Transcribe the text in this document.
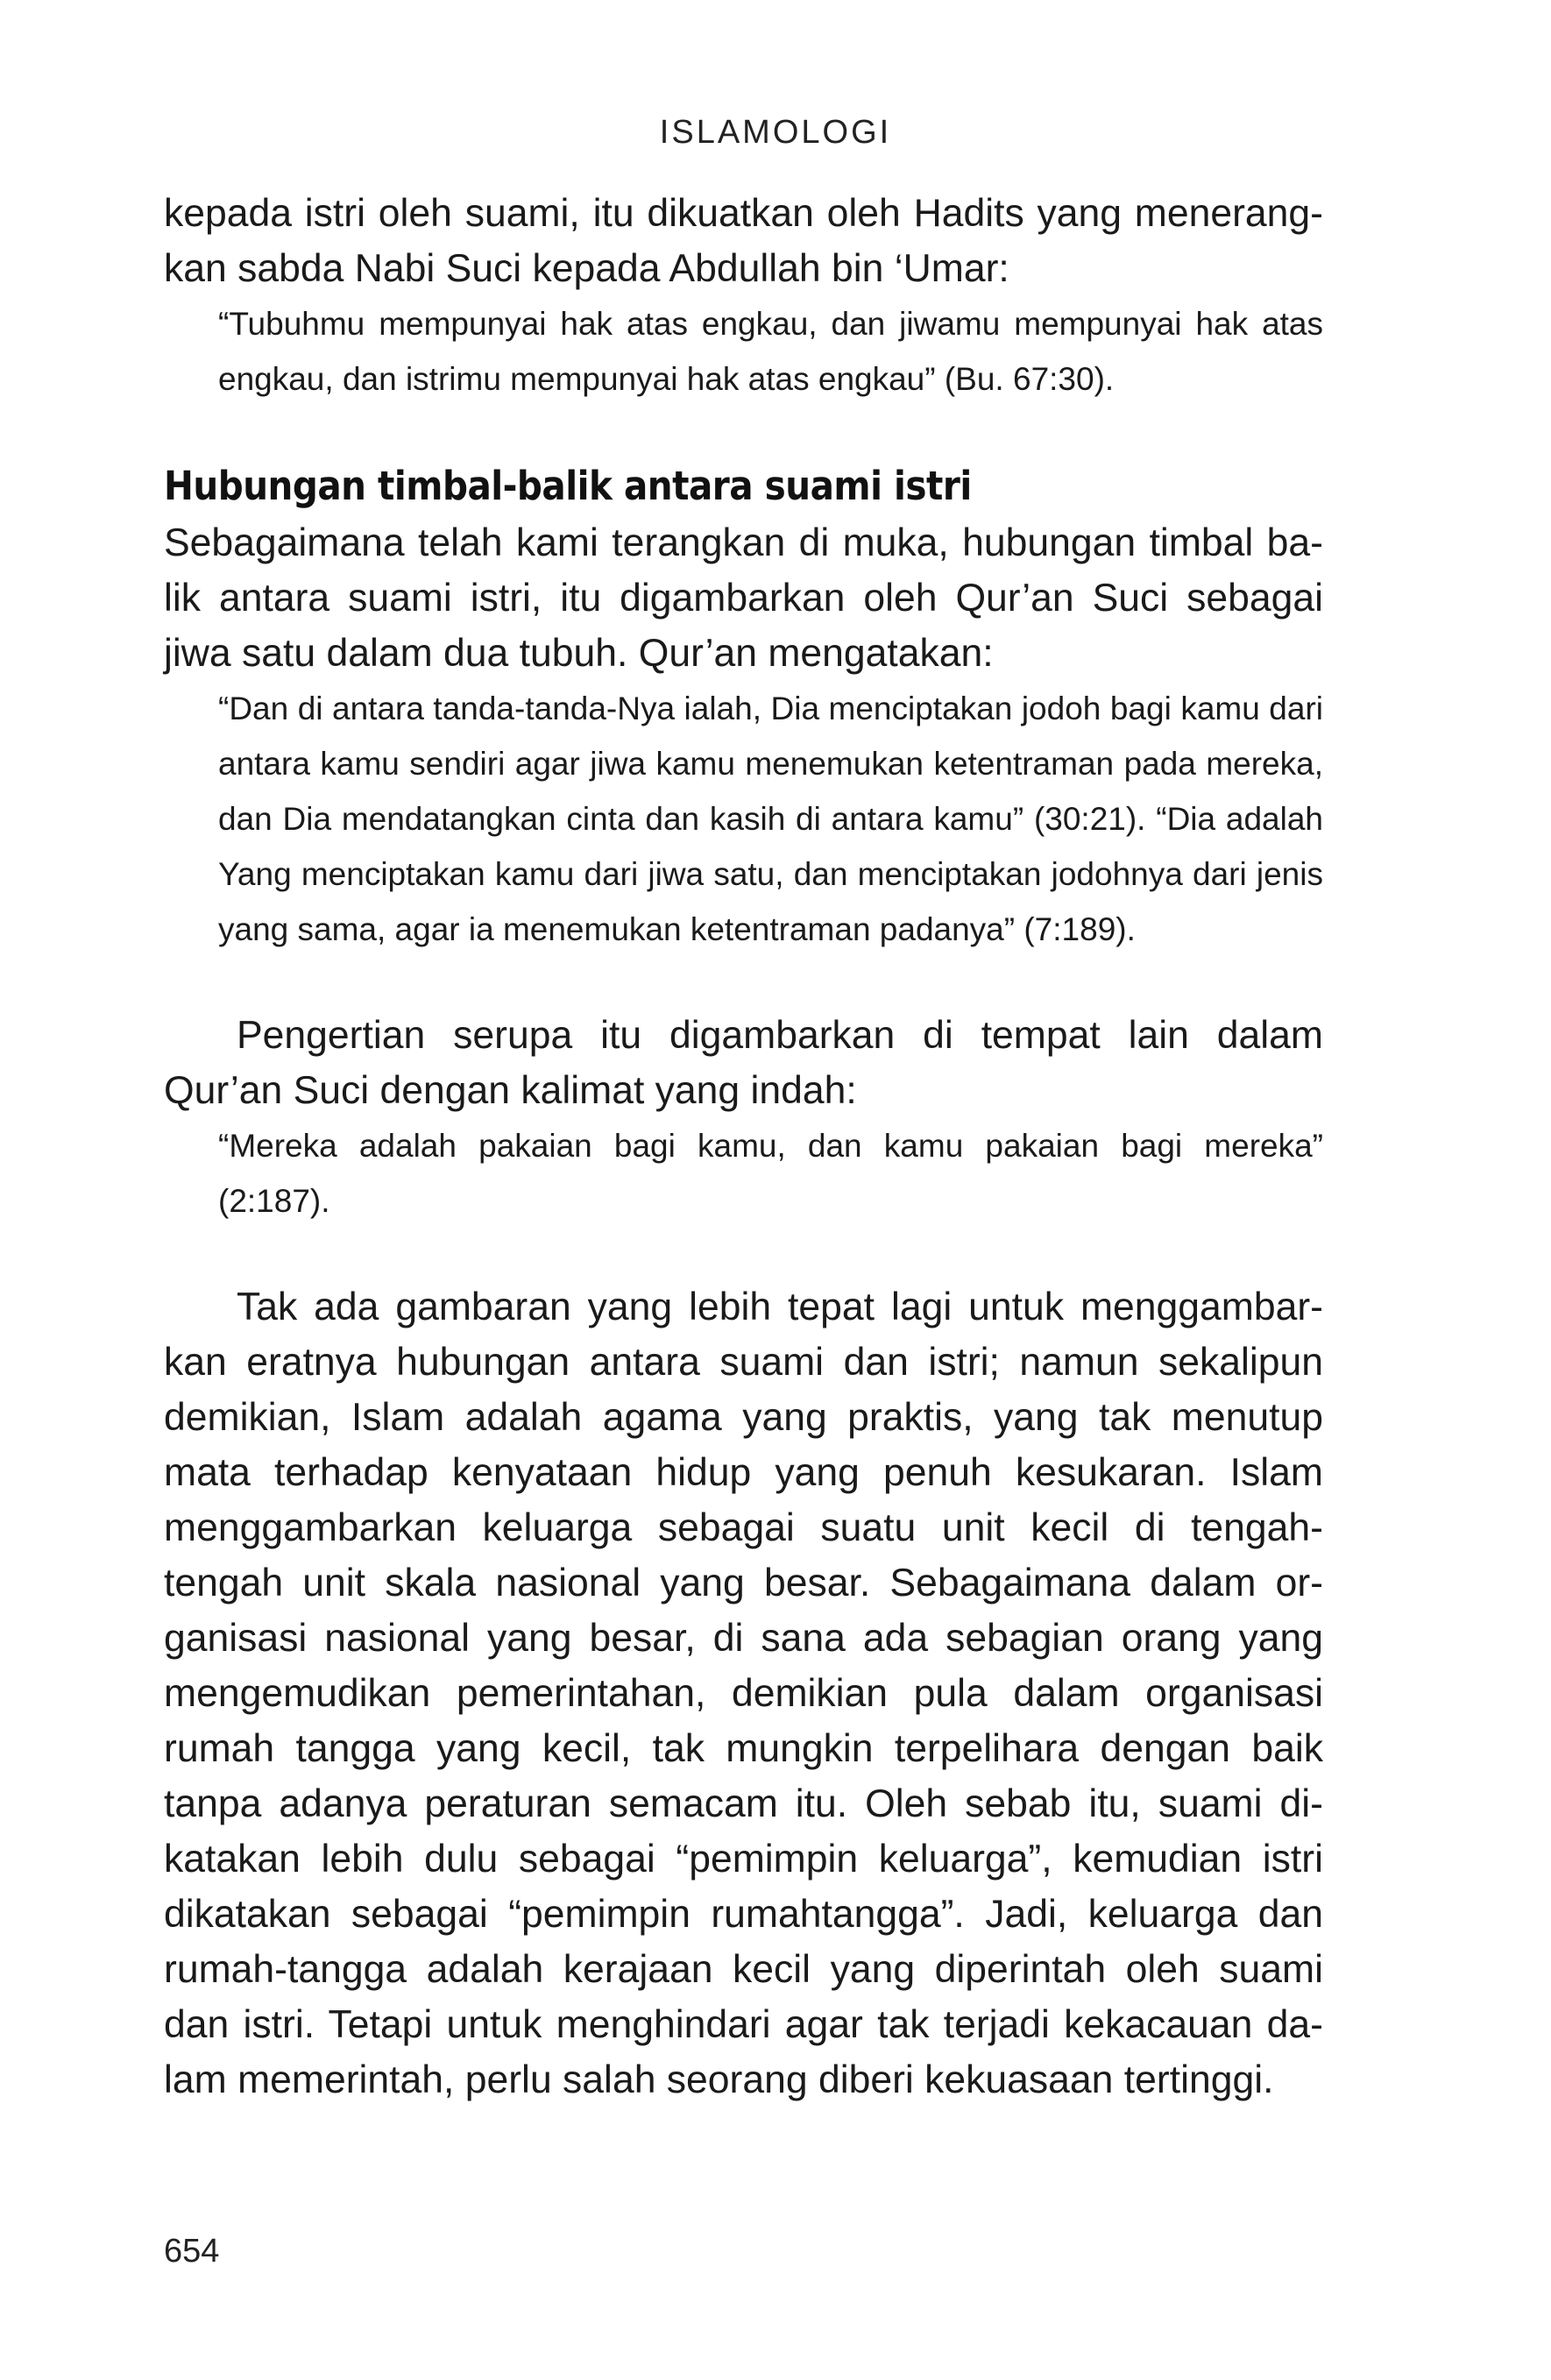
ISLAMOLOGI

kepada istri oleh suami, itu dikuatkan oleh Hadits yang menerangkan sabda Nabi Suci kepada Abdullah bin ‘Umar:

“Tubuhmu mempunyai hak atas engkau, dan jiwamu mempunyai hak atas engkau, dan istrimu mempunyai hak atas engkau” (Bu. 67:30).

Hubungan timbal-balik antara suami istri

Sebagaimana telah kami terangkan di muka, hubungan timbal balik antara suami istri, itu digambarkan oleh Qur’an Suci sebagai jiwa satu dalam dua tubuh. Qur’an mengatakan:

“Dan di antara tanda-tanda-Nya ialah, Dia menciptakan jodoh bagi kamu dari antara kamu sendiri agar jiwa kamu menemukan ketentraman pada mereka, dan Dia mendatangkan cinta dan kasih di antara kamu” (30:21). “Dia adalah Yang menciptakan kamu dari jiwa satu, dan menciptakan jodohnya dari jenis yang sama, agar ia menemukan ketentraman padanya” (7:189).

Pengertian serupa itu digambarkan di tempat lain dalam Qur’an Suci dengan kalimat yang indah:

“Mereka adalah pakaian bagi kamu, dan kamu pakaian bagi mereka” (2:187).

Tak ada gambaran yang lebih tepat lagi untuk menggambarkan eratnya hubungan antara suami dan istri; namun sekalipun demikian, Islam adalah agama yang praktis, yang tak menutup mata terhadap kenyataan hidup yang penuh kesukaran. Islam menggambarkan keluarga sebagai suatu unit kecil di tengah-tengah unit skala nasional yang besar. Sebagaimana dalam organisasi nasional yang besar, di sana ada sebagian orang yang mengemudikan pemerintahan, demikian pula dalam organisasi rumah tangga yang kecil, tak mungkin terpelihara dengan baik tanpa adanya peraturan semacam itu. Oleh sebab itu, suami dikatakan lebih dulu sebagai “pemimpin keluarga”, kemudian istri dikatakan sebagai “pemimpin rumahtangga”. Jadi, keluarga dan rumah-tangga adalah kerajaan kecil yang diperintah oleh suami dan istri. Tetapi untuk menghindari agar tak terjadi kekacauan dalam memerintah, perlu salah seorang diberi kekuasaan tertinggi.

654
